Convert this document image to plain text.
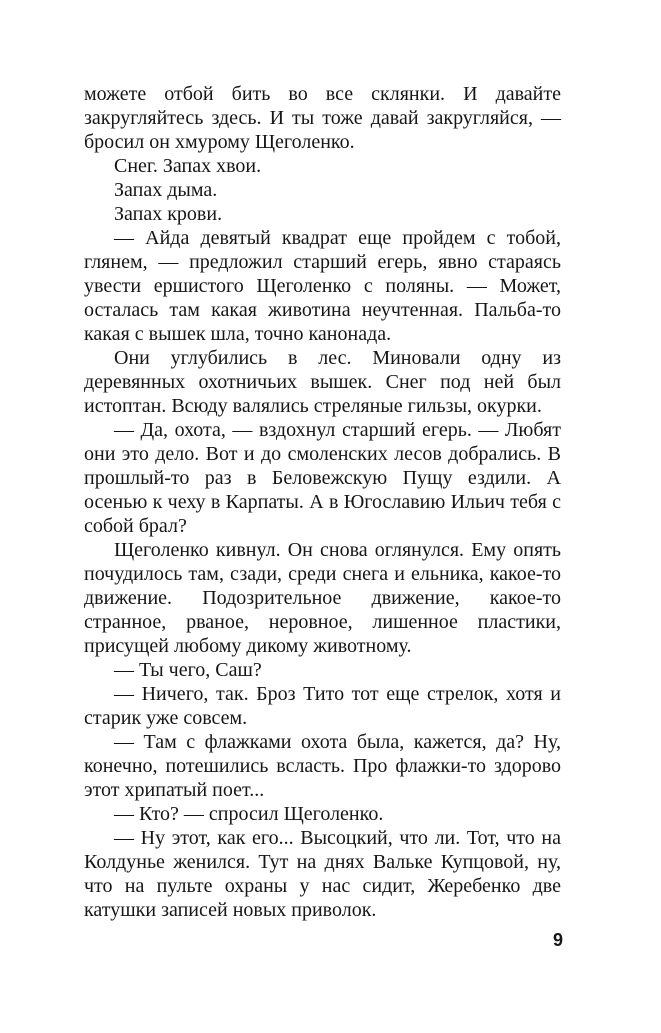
можете отбой бить во все склянки. И давайте закругляйтесь здесь. И ты тоже давай закругляйся, — бросил он хмурому Щеголенко.

Снег. Запах хвои.

Запах дыма.

Запах крови.

— Айда девятый квадрат еще пройдем с тобой, глянем, — предложил старший егерь, явно стараясь увести ершистого Щеголенко с поляны. — Может, осталась там какая животина неучтенная. Пальба-то какая с вышек шла, точно канонада.

Они углубились в лес. Миновали одну из деревянных охотничьих вышек. Снег под ней был истоптан. Всюду валялись стреляные гильзы, окурки.

— Да, охота, — вздохнул старший егерь. — Любят они это дело. Вот и до смоленских лесов добрались. В прошлый-то раз в Беловежскую Пущу ездили. А осенью к чеху в Карпаты. А в Югославию Ильич тебя с собой брал?

Щеголенко кивнул. Он снова оглянулся. Ему опять почудилось там, сзади, среди снега и ельника, какое-то движение. Подозрительное движение, какое-то странное, рваное, неровное, лишенное пластики, присущей любому дикому животному.

— Ты чего, Саш?

— Ничего, так. Броз Тито тот еще стрелок, хотя и старик уже совсем.

— Там с флажками охота была, кажется, да? Ну, конечно, потешились всласть. Про флажки-то здорово этот хрипатый поет...

— Кто? — спросил Щеголенко.

— Ну этот, как его... Высоцкий, что ли. Тот, что на Колдунье женился. Тут на днях Вальке Купцовой, ну, что на пульте охраны у нас сидит, Жеребенко две катушки записей новых приволок.

9
